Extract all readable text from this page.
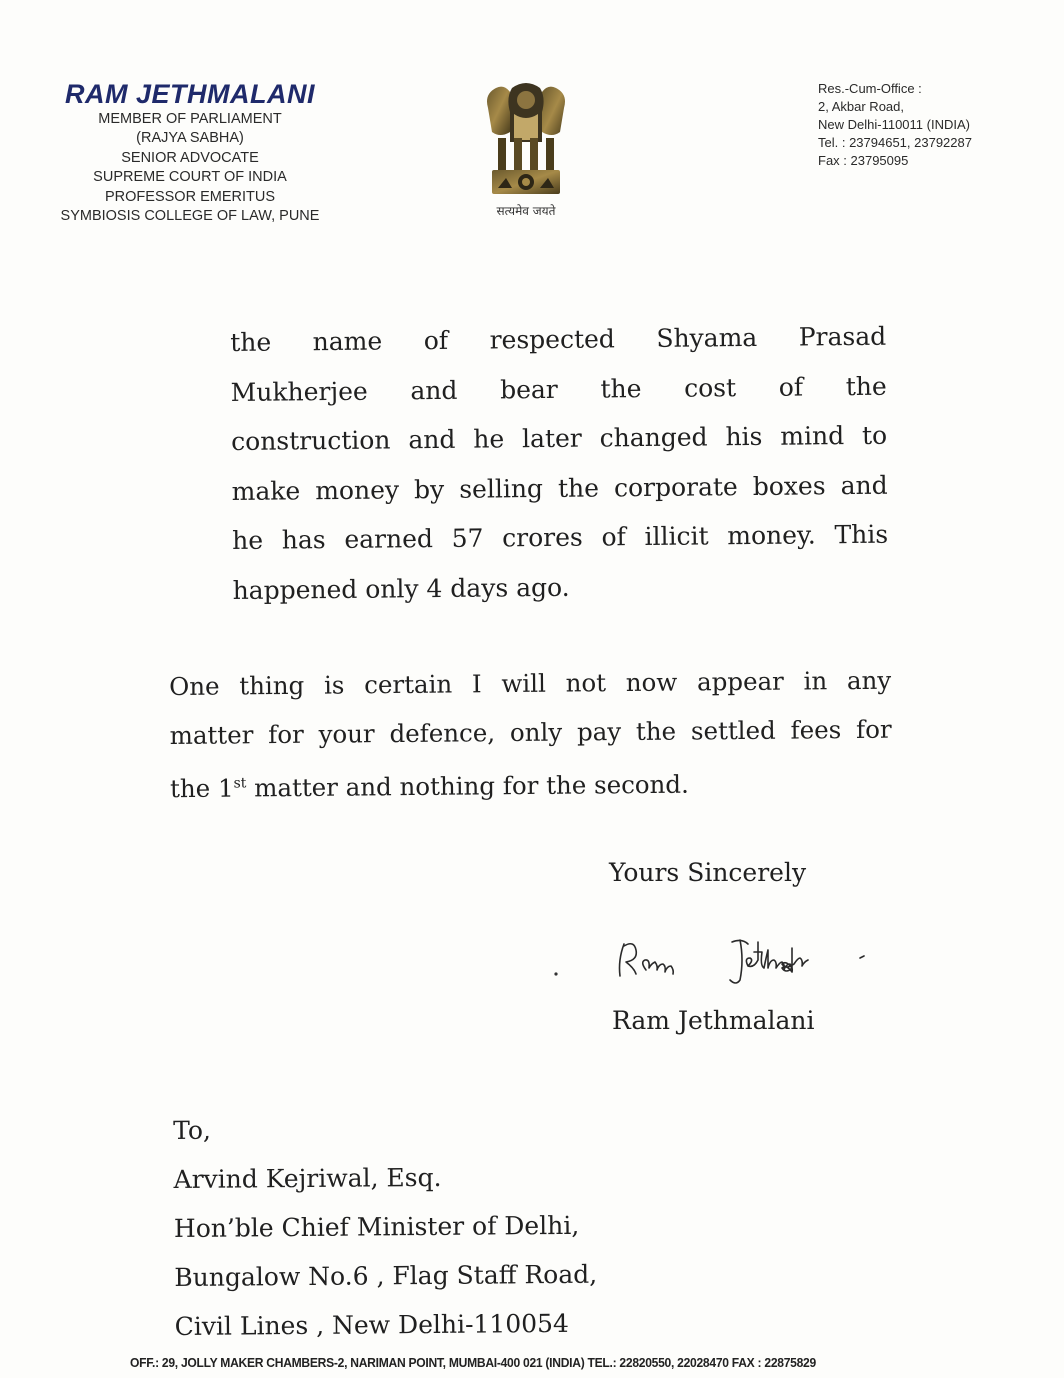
RAM JETHMALANI
MEMBER OF PARLIAMENT
(RAJYA SABHA)
SENIOR ADVOCATE
SUPREME COURT OF INDIA
PROFESSOR EMERITUS
SYMBIOSIS COLLEGE OF LAW, PUNE	सत्यमेव जयते
Res.-Cum-Office :
2, Akbar Road,
New Delhi-110011 (INDIA)
Tel. : 23794651, 23792287
Fax : 23795095
the name of respected Shyama Prasad
Mukherjee and bear the cost of the
construction and he later changed his mind to
make money by selling the corporate boxes and
he has earned 57 crores of illicit money. This
happened only 4 days ago.
One thing is certain I will not now appear in any
matter for your defence, only pay the settled fees for
the 1st matter and nothing for the second.
Yours Sincerely
Ram Jethmalani
To,
Arvind Kejriwal, Esq.
Hon’ble Chief Minister of Delhi,
Bungalow No.6 , Flag Staff Road,
Civil Lines , New Delhi-110054
OFF.: 29, JOLLY MAKER CHAMBERS-2, NARIMAN POINT, MUMBAI-400 021 (INDIA) TEL.: 22820550, 22028470 FAX : 22875829
